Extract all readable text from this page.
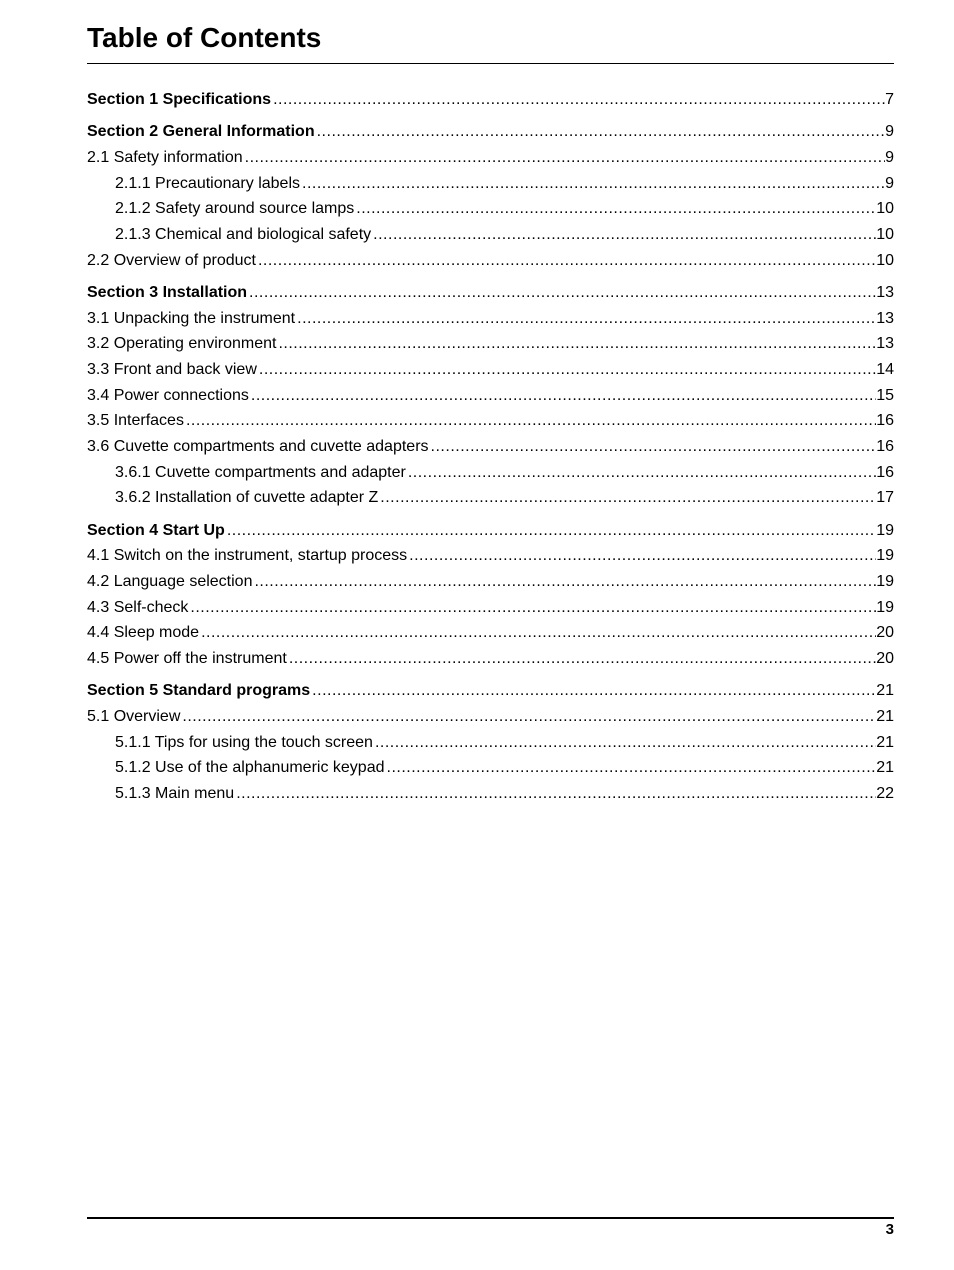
Table of Contents
Section 1 Specifications .....	7
Section 2 General Information .....	9
2.1 Safety information .....	9
2.1.1 Precautionary labels .....	9
2.1.2 Safety around source lamps .....	10
2.1.3 Chemical and biological safety .....	10
2.2 Overview of product .....	10
Section 3 Installation .....	13
3.1 Unpacking the instrument .....	13
3.2 Operating environment .....	13
3.3 Front and back view .....	14
3.4 Power connections .....	15
3.5 Interfaces .....	16
3.6 Cuvette compartments and cuvette adapters .....	16
3.6.1 Cuvette compartments and adapter .....	16
3.6.2 Installation of cuvette adapter Z .....	17
Section 4 Start Up .....	19
4.1 Switch on the instrument, startup process .....	19
4.2 Language selection .....	19
4.3 Self-check .....	19
4.4 Sleep mode .....	20
4.5 Power off the instrument .....	20
Section 5 Standard programs .....	21
5.1 Overview .....	21
5.1.1 Tips for using the touch screen .....	21
5.1.2 Use of the alphanumeric keypad .....	21
5.1.3 Main menu .....	22
3
